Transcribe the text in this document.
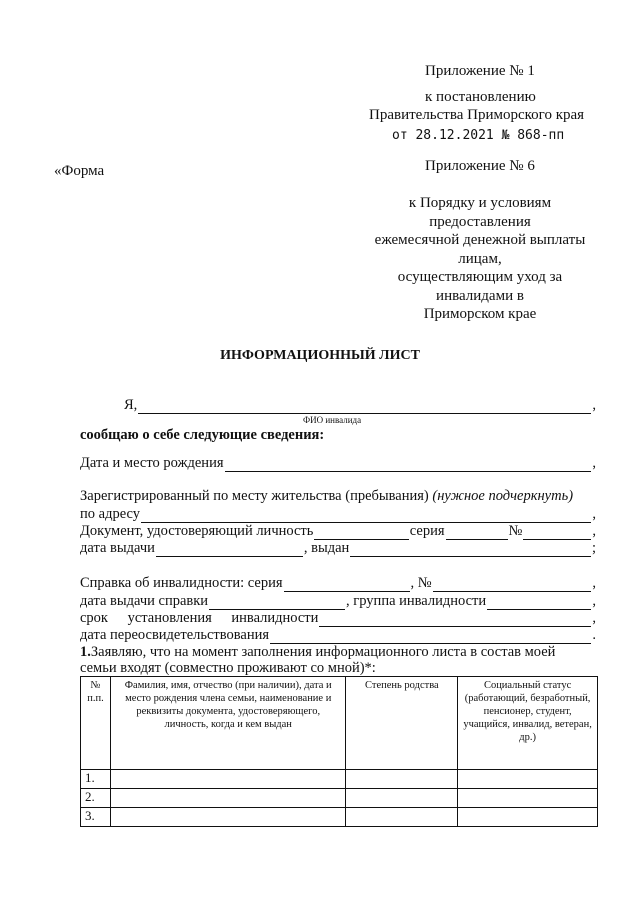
Приложение № 1
к постановлению
Правительства Приморского края
от 28.12.2021 № 868-пп
«Форма	Приложение № 6
к Порядку и условиям
предоставления
ежемесячной денежной выплаты
лицам,
осуществляющим уход за
инвалидами в
Приморском крае
ИНФОРМАЦИОННЫЙ ЛИСТ
Я,	,
ФИО инвалида
сообщаю о себе следующие сведения:
Дата и место рождения	,
Зарегистрированный по месту жительства (пребывания) (нужное подчеркнуть)
по адресу	,
Документ, удостоверяющий личность	серия	№	,
дата выдачи	, выдан	;
Справка об инвалидности: серия	, №	,
дата выдачи справки	, группа инвалидности	,
срок установления инвалидности	,
дата переосвидетельствования	.
1.Заявляю, что на момент заполнения информационного листа в состав моей
семьи входят (совместно проживают со мной)*:
№ п.п.	Фамилия, имя, отчество (при наличии), дата и место рождения члена семьи, наименование и реквизиты документа, удостоверяющего, личность, когда и кем выдан	Степень родства	Социальный статус (работающий, безработный, пенсионер, студент, учащийся, инвалид, ветеран, др.)
1.			
2.			
3.			
